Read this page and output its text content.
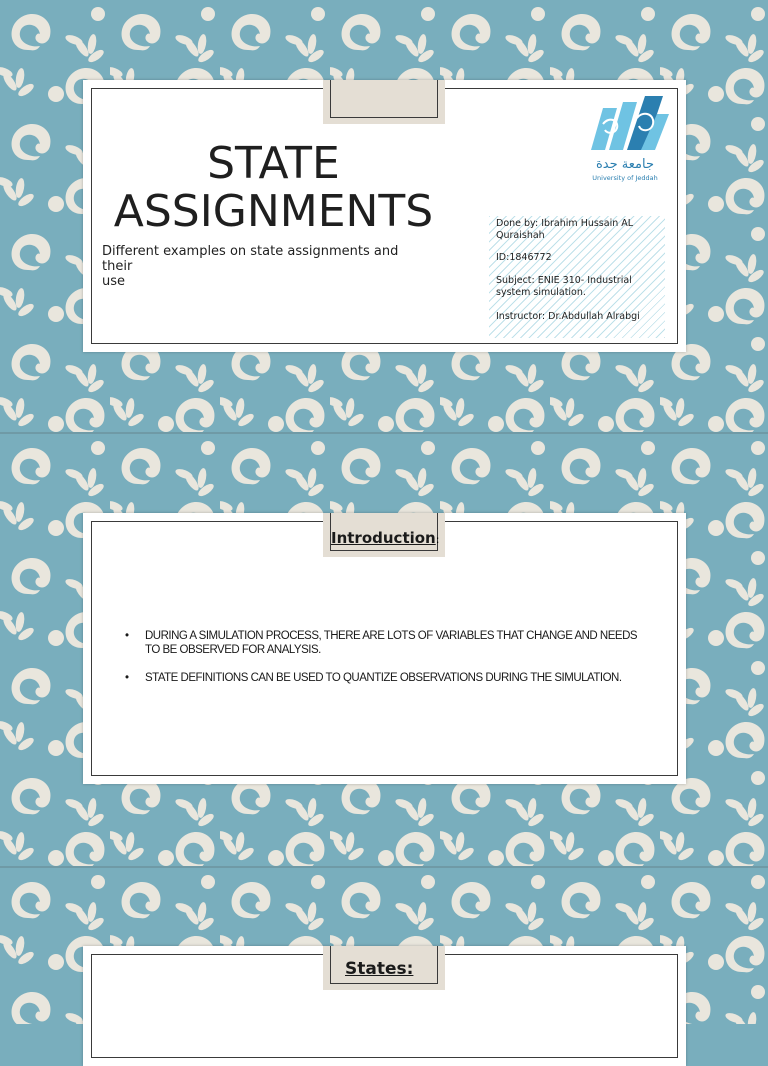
STATE
ASSIGNMENTS

Different examples on state assignments and their
use

جامعة جدة
University of Jeddah

Done by: Ibrahim Hussain AL Quraishah

ID:1846772

Subject: ENIE 310- Industrial system simulation.

Instructor: Dr.Abdullah Alrabgi

Introduction:
• DURING A SIMULATION PROCESS, THERE ARE LOTS OF VARIABLES THAT CHANGE AND NEEDS TO BE OBSERVED FOR ANALYSIS.
• STATE DEFINITIONS CAN BE USED TO QUANTIZE OBSERVATIONS DURING THE SIMULATION.
States:
